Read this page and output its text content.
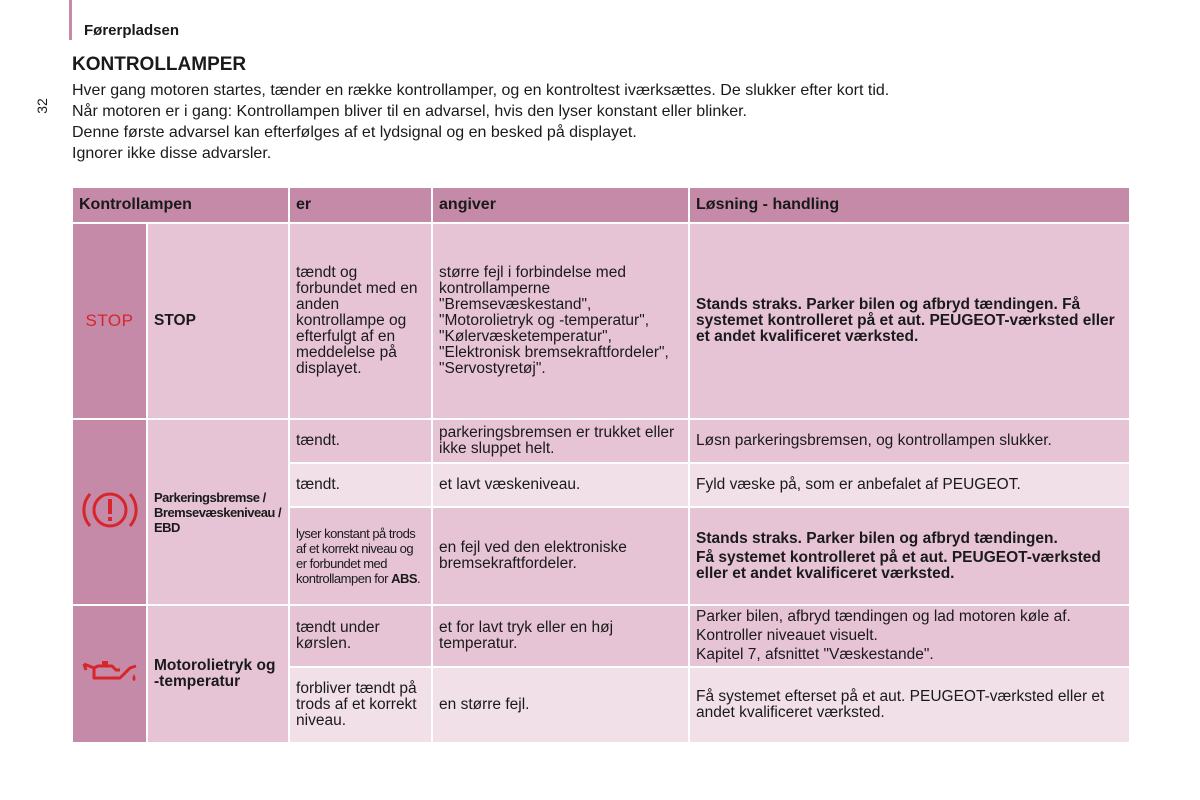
Førerpladsen
32
KONTROLLAMPER

Hver gang motoren startes, tænder en række kontrollamper, og en kontroltest iværksættes. De slukker efter kort tid.

Når motoren er i gang: Kontrollampen bliver til en advarsel, hvis den lyser konstant eller blinker.

Denne første advarsel kan efterfølges af et lydsignal og en besked på displayet.

Ignorer ikke disse advarsler.

Kontrollampen		er	angiver	Løsning - handling
STOP	STOP	tændt og forbundet med en anden kontrollampe og efterfulgt af en meddelelse på displayet.	større fejl i forbindelse med kontrollamperne "Bremsevæskestand", "Motorolietryk og -temperatur", "Kølervæsketemperatur", "Elektronisk bremsekraftfordeler", "Servostyretøj".	Stands straks. Parker bilen og afbryd tændingen. Få systemet kontrolleret på et aut. PEUGEOT-værksted eller et andet kvalificeret værksted.
	Parkeringsbremse / Bremsevæskeniveau / EBD	tændt.	parkeringsbremsen er trukket eller ikke sluppet helt.	Løsn parkeringsbremsen, og kontrollampen slukker.
		tændt.	et lavt væskeniveau.	Fyld væske på, som er anbefalet af PEUGEOT.
		lyser konstant på trods af et korrekt niveau og er forbundet med kontrollampen for ABS.	en fejl ved den elektroniske bremsekraftfordeler.	Stands straks. Parker bilen og afbryd tændingen.
Få systemet kontrolleret på et aut. PEUGEOT-værksted eller et andet kvalificeret værksted.

	Motorolietryk og -temperatur	tændt under kørslen.	et for lavt tryk eller en høj temperatur.	Parker bilen, afbryd tændingen og lad motoren køle af.
Kontroller niveauet visuelt.
Kapitel 7, afsnittet "Væskestande".

		forbliver tændt på trods af et korrekt niveau.	en større fejl.	Få systemet efterset på et aut. PEUGEOT-værksted eller et andet kvalificeret værksted.
